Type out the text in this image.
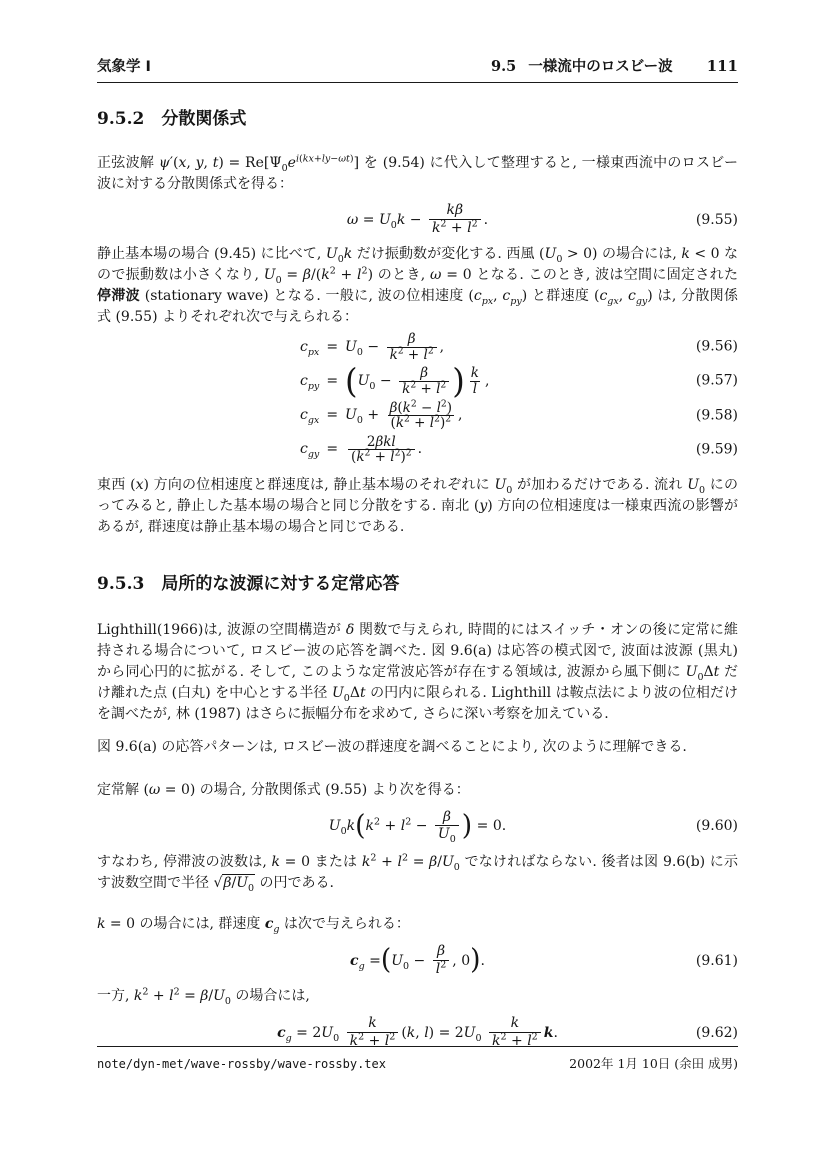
気象学 I	9.5 一様流中のロスビー波 111
9.5.2 分散関係式

正弦波解 ψ′(x, y, $t) = Re[\Psi_0e^{i(kx+ly-\omega t)}]$ を (9.54) に代入して整理すると, 一様東西流中のロスビー波に対する分散関係式を得る：

$\omega = U_0k - \frac{k\beta}{k^2 + l^2}$ .	(9.55)

静止基本場の場合 (9.45) に比べて, $U_0k$ だけ振動数が変化する. 西風 $(U_0 > 0)$ の場合には, k < 0 なので振動数は小さくなり, $U_0 = \beta/(k^2 + l^2)$ のとき, ω = 0 となる. このとき, 波は空間に固定された停滞波 (stationary wave) となる. 一般に, 波の位相速度 ($c_{px}$, $c_{py}$) と群速度 ($c_{gx}$, $c_{gy}$) は, 分散関係式 (9.55) よりそれぞれ次で与えられる：

$c_{px} = U_0 - \frac{\beta}{k^2 + l^2}$ ,	(9.56)
$c_{py}$ = ( $U_0 - \frac{\beta}{k^2 + l^2}$ ) $\frac{k}{l}$ ,	(9.57)
$c_{gx} = U_0 + \frac{\beta(k^2 - l^2)}{(k^2 + l^2)^2}$ ,	(9.58)
$c_{gy} = \frac{\text{2βkl}}{(k^2 + l^2)^2}$ .	(9.59)

東西 (x) 方向の位相速度と群速度は, 静止基本場のそれぞれに $U_0$ が加わるだけである. 流れ $U_0$ にのってみると, 静止した基本場の場合と同じ分散をする. 南北 (y) 方向の位相速度は一様東西流の影響があるが, 群速度は静止基本場の場合と同じである.

9.5.3 局所的な波源に対する定常応答

Lighthill(1966)は, 波源の空間構造が δ 関数で与えられ, 時間的にはスイッチ・オンの後に定常に維持される場合について, ロスビー波の応答を調べた. 図 9.6(a) は応答の模式図で, 波面は波源 (黒丸) から同心円的に拡がる. そして, このような定常波応答が存在する領域は, 波源から風下側に $U_0\Delta t$ だけ離れた点 (白丸) を中心とする半径 $U_0\Delta t$ の円内に限られる. Lighthill は鞍点法により波の位相だけを調べたが, 林 (1987) はさらに振幅分布を求めて, さらに深い考察を加えている.

図 9.6(a) の応答パターンは, ロスビー波の群速度を調べることにより, 次のように理解できる.

定常解 (ω = 0) の場合, 分散関係式 (9.55) より次を得る：

$U_0k$ ( $k^2 + l^2 - \frac{\beta}{U_0}$ ) = 0.	(9.60)

すなわち, 停滞波の波数は, k = 0 または $k^2 + l^2 = \beta/U_0$ でなければならない. 後者は図 9.6(b) に示す波数空間で半径 $√\beta/U_0$ の円である.

k = 0 の場合には, 群速度 $c_g$ は次で与えられる：

$c_g$ = ( $U_0 - \frac{\beta}{l^2}$ , 0 ) .	(9.61)

一方, $k^2 + l^2 = \beta/U_0$ の場合には,

$c_g = 2U_0 \frac{k}{k^2 + l^2} (k$, $l) = 2U_0 \frac{k}{k^2 + l^2} k$.	(9.62)
note/dyn-met/wave-rossby/wave-rossby.tex	2002年 1月 10日 (余田 成男)
